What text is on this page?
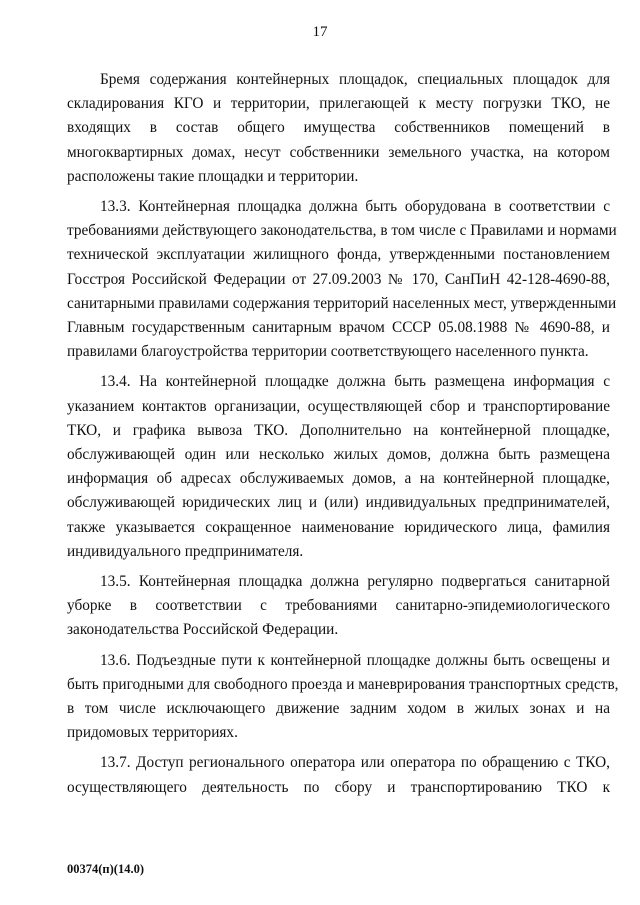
17

Бремя содержания контейнерных площадок, специальных площадок для
складирования КГО и территории, прилегающей к месту погрузки ТКО, не
входящих в состав общего имущества собственников помещений в
многоквартирных домах, несут собственники земельного участка, на котором
расположены такие площадки и территории.

13.3. Контейнерная площадка должна быть оборудована в соответствии с
требованиями действующего законодательства, в том числе с Правилами и нормами
технической эксплуатации жилищного фонда, утвержденными постановлением
Госстроя Российской Федерации от 27.09.2003 № 170, СанПиН 42-128-4690-88,
санитарными правилами содержания территорий населенных мест, утвержденными
Главным государственным санитарным врачом СССР 05.08.1988 № 4690-88, и
правилами благоустройства территории соответствующего населенного пункта.

13.4. На контейнерной площадке должна быть размещена информация с
указанием контактов организации, осуществляющей сбор и транспортирование
ТКО, и графика вывоза ТКО. Дополнительно на контейнерной площадке,
обслуживающей один или несколько жилых домов, должна быть размещена
информация об адресах обслуживаемых домов, а на контейнерной площадке,
обслуживающей юридических лиц и (или) индивидуальных предпринимателей,
также указывается сокращенное наименование юридического лица, фамилия
индивидуального предпринимателя.

13.5. Контейнерная площадка должна регулярно подвергаться санитарной
уборке в соответствии с требованиями санитарно-эпидемиологического
законодательства Российской Федерации.

13.6. Подъездные пути к контейнерной площадке должны быть освещены и
быть пригодными для свободного проезда и маневрирования транспортных средств,
в том числе исключающего движение задним ходом в жилых зонах и на
придомовых территориях.

13.7. Доступ регионального оператора или оператора по обращению с ТКО,
осуществляющего деятельность по сбору и транспортированию ТКО к

00374(п)(14.0)
